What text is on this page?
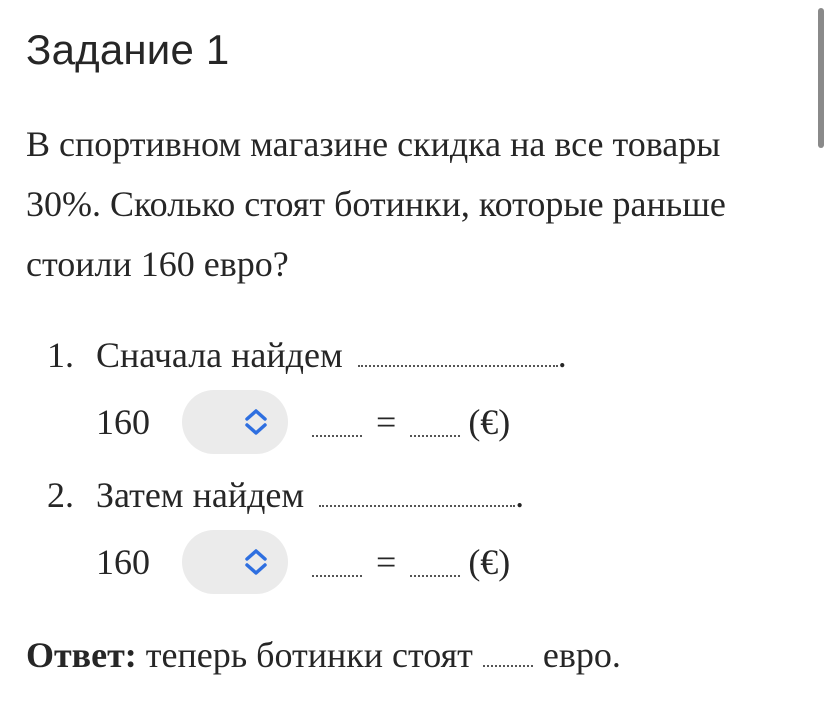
Задание 1
В спортивном магазине скидка на все товары 30%. Сколько стоят ботинки, которые раньше стоили 160 евро?
1. Сначала найдем	.
160	= (€)
2. Затем найдем	.
160	= (€)
Ответ: теперь ботинки стоят евро.
